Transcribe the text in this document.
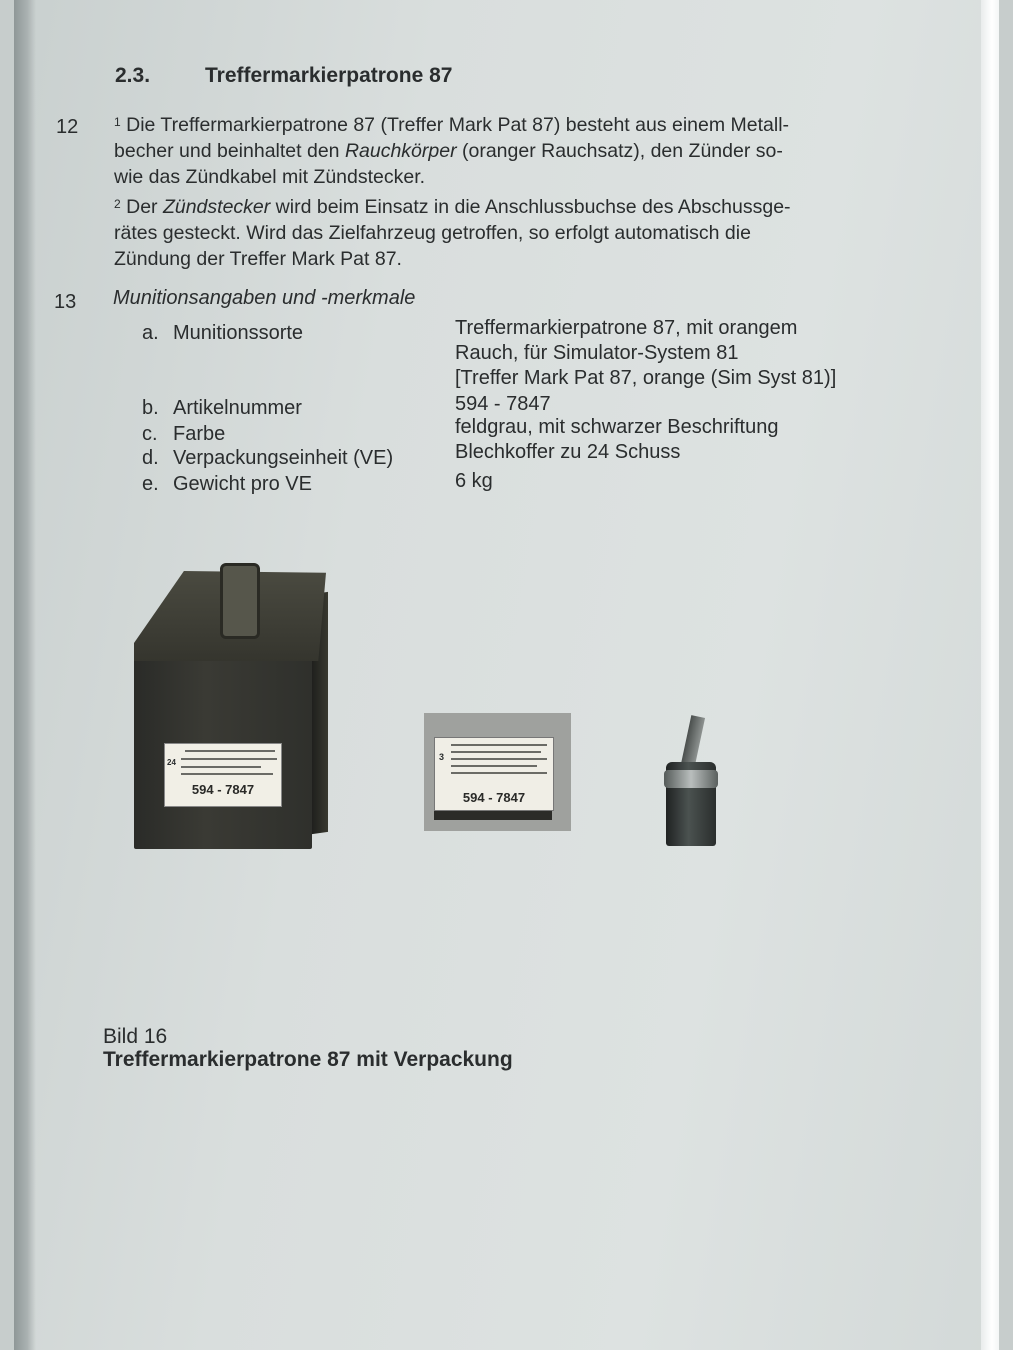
2.3.	Treffermarkierpatrone 87
12	$^1$ Die Treffermarkierpatrone 87 (Treffer Mark Pat 87) besteht aus einem Metall-
becher und beinhaltet den Rauchkörper (oranger Rauchsatz), den Zünder so-
wie das Zündkabel mit Zündstecker.
$^2$ Der Zündstecker wird beim Einsatz in die Anschlussbuchse des Abschussge-
rätes gesteckt. Wird das Zielfahrzeug getroffen, so erfolgt automatisch die
Zündung der Treffer Mark Pat 87.
13 Munitionsangaben und -merkmale
a. Munitionssorte	Treffermarkierpatrone 87, mit orangem
Rauch, für Simulator-System 81
[Treffer Mark Pat 87, orange (Sim Syst 81)]
b. Artikelnummer	594 - 7847
c. Farbe	feldgrau, mit schwarzer Beschriftung
d. Verpackungseinheit (VE)	Blechkoffer zu 24 Schuss
e. Gewicht pro VE	6 kg
24
594 - 7847
3
594 - 7847
Bild 16
Treffermarkierpatrone 87 mit Verpackung
